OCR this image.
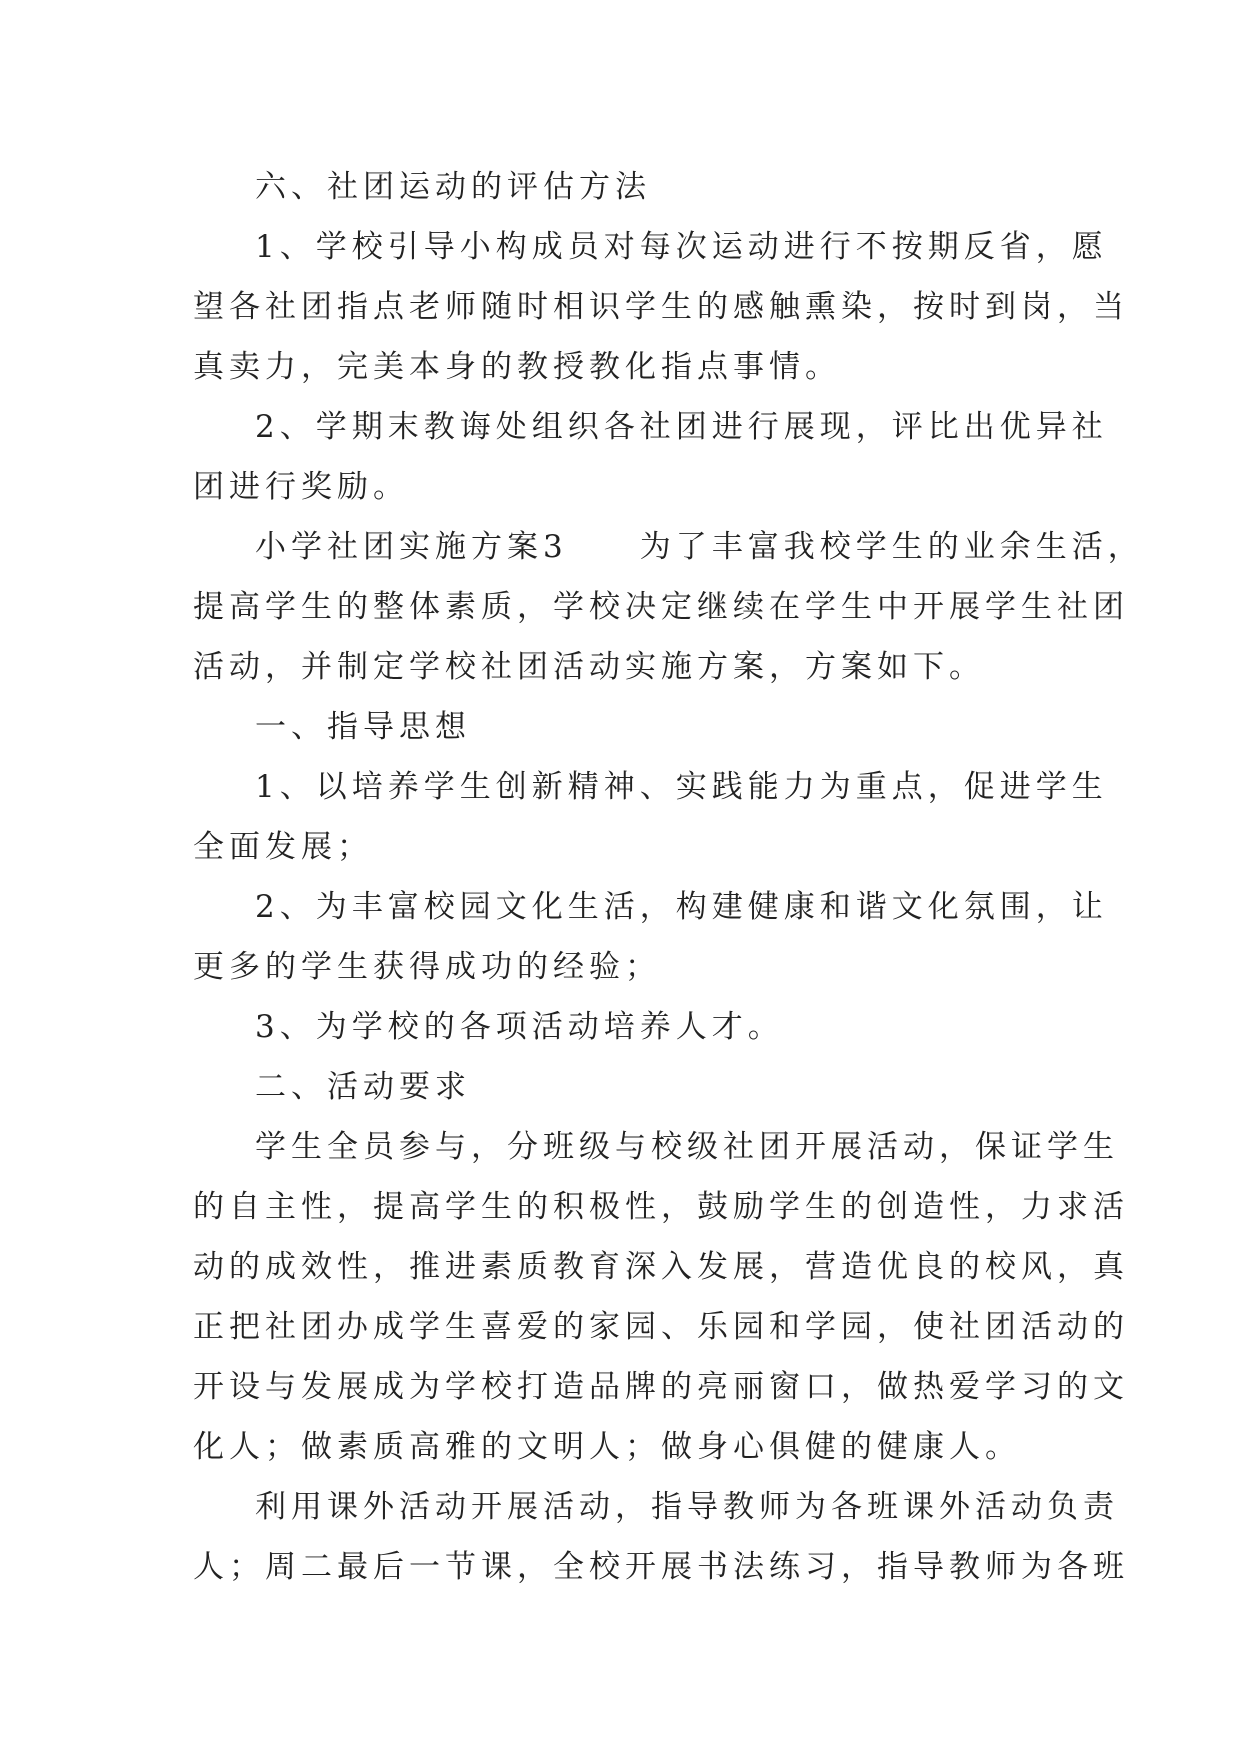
六、社团运动的评估方法
1、学校引导小构成员对每次运动进行不按期反省，愿
望各社团指点老师随时相识学生的感触熏染，按时到岗，当
真卖力，完美本身的教授教化指点事情。
2、学期末教诲处组织各社团进行展现，评比出优异社
团进行奖励。
小学社团实施方案3　　为了丰富我校学生的业余生活，
提高学生的整体素质，学校决定继续在学生中开展学生社团
活动，并制定学校社团活动实施方案，方案如下。
一、指导思想
1、以培养学生创新精神、实践能力为重点，促进学生
全面发展；
2、为丰富校园文化生活，构建健康和谐文化氛围，让
更多的学生获得成功的经验；
3、为学校的各项活动培养人才。
二、活动要求
学生全员参与，分班级与校级社团开展活动，保证学生
的自主性，提高学生的积极性，鼓励学生的创造性，力求活
动的成效性，推进素质教育深入发展，营造优良的校风，真
正把社团办成学生喜爱的家园、乐园和学园，使社团活动的
开设与发展成为学校打造品牌的亮丽窗口，做热爱学习的文
化人；做素质高雅的文明人；做身心俱健的健康人。
利用课外活动开展活动，指导教师为各班课外活动负责
人；周二最后一节课，全校开展书法练习，指导教师为各班
